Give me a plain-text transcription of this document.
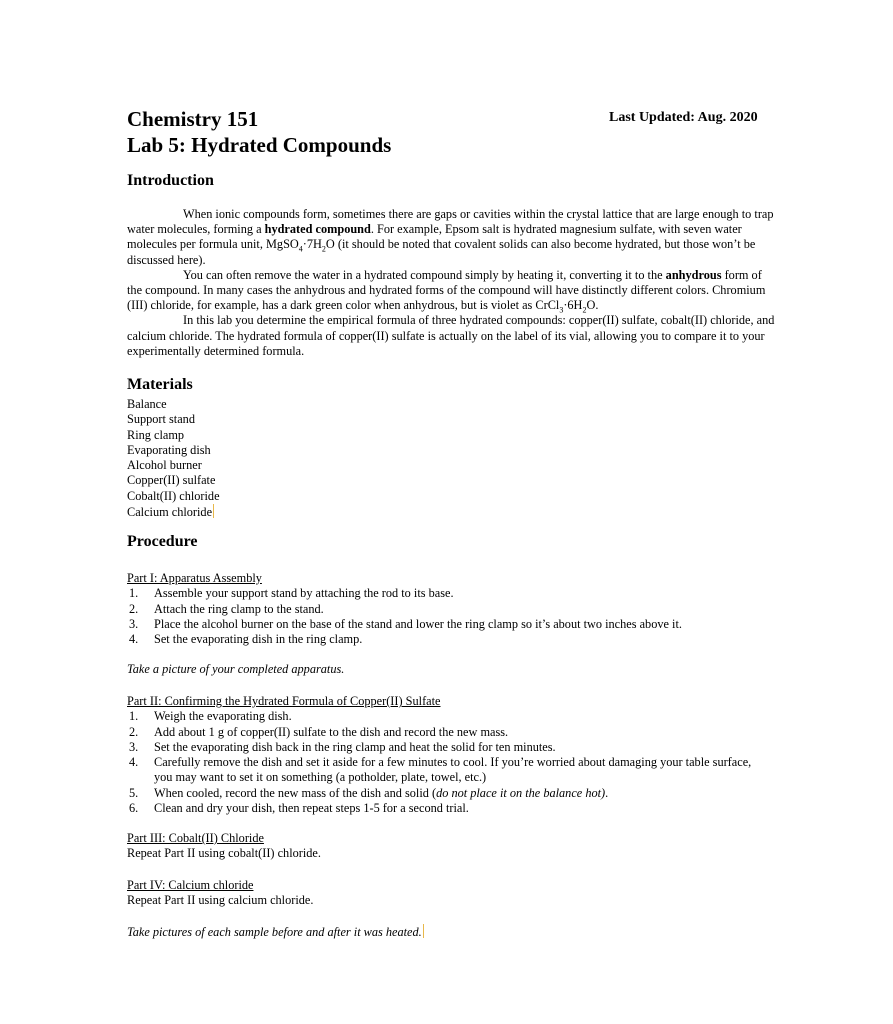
Chemistry 151
Lab 5: Hydrated Compounds
Last Updated: Aug. 2020
Introduction

When ionic compounds form, sometimes there are gaps or cavities within the crystal lattice that are large enough to trap water molecules, forming a hydrated compound. For example, Epsom salt is hydrated magnesium sulfate, with seven water molecules per formula unit, $MgSO_4\cdot 7H_2O$ (it should be noted that covalent solids can also become hydrated, but those won’t be discussed here).

You can often remove the water in a hydrated compound simply by heating it, converting it to the anhydrous form of the compound. In many cases the anhydrous and hydrated forms of the compound will have distinctly different colors. Chromium (III) chloride, for example, has a dark green color when anhydrous, but is violet as $CrCl_3\cdot 6H_2O$.

In this lab you determine the empirical formula of three hydrated compounds: copper(II) sulfate, cobalt(II) chloride, and calcium chloride. The hydrated formula of copper(II) sulfate is actually on the label of its vial, allowing you to compare it to your experimentally determined formula.

Materials
Balance
Support stand
Ring clamp
Evaporating dish
Alcohol burner
Copper(II) sulfate
Cobalt(II) chloride
Calcium chloride
Procedure
Part I: Apparatus Assembly
1. Assemble your support stand by attaching the rod to its base.
2. Attach the ring clamp to the stand.
3. Place the alcohol burner on the base of the stand and lower the ring clamp so it’s about two inches above it.
4. Set the evaporating dish in the ring clamp.
Take a picture of your completed apparatus.
Part II: Confirming the Hydrated Formula of Copper(II) Sulfate
1. Weigh the evaporating dish.
2. Add about 1 g of copper(II) sulfate to the dish and record the new mass.
3. Set the evaporating dish back in the ring clamp and heat the solid for ten minutes.
4. Carefully remove the dish and set it aside for a few minutes to cool. If you’re worried about damaging your table surface, you may want to set it on something (a potholder, plate, towel, etc.)
5. When cooled, record the new mass of the dish and solid (do not place it on the balance hot).
6. Clean and dry your dish, then repeat steps 1-5 for a second trial.
Part III: Cobalt(II) Chloride
Repeat Part II using cobalt(II) chloride.
Part IV: Calcium chloride
Repeat Part II using calcium chloride.
Take pictures of each sample before and after it was heated.
